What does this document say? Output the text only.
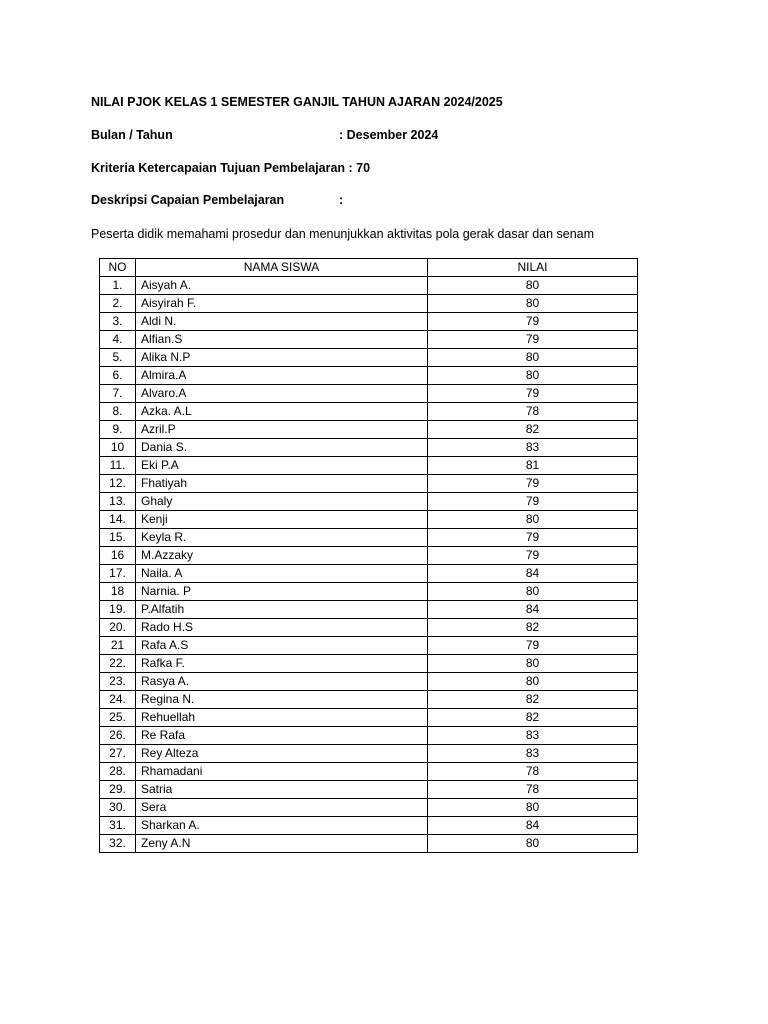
NILAI PJOK KELAS 1 SEMESTER GANJIL TAHUN AJARAN 2024/2025
Bulan / Tahun	: Desember 2024
Kriteria Ketercapaian Tujuan Pembelajaran : 70
Deskripsi Capaian Pembelajaran	:
Peserta didik memahami prosedur dan menunjukkan aktivitas pola gerak dasar dan senam
NO	NAMA SISWA	NILAI
1.	Aisyah A.	80
2.	Aisyirah F.	80
3.	Aldi N.	79
4.	Alfian.S	79
5.	Alika N.P	80
6.	Almira.A	80
7.	Alvaro.A	79
8.	Azka. A.L	78
9.	Azril.P	82
10	Dania S.	83
11.	Eki P.A	81
12.	Fhatiyah	79
13.	Ghaly	79
14.	Kenji	80
15.	Keyla R.	79
16	M.Azzaky	79
17.	Naila. A	84
18	Narnia. P	80
19.	P.Alfatih	84
20.	Rado H.S	82
21	Rafa A.S	79
22.	Rafka F.	80
23.	Rasya A.	80
24.	Regina N.	82
25.	Rehuellah	82
26.	Re Rafa	83
27.	Rey Alteza	83
28.	Rhamadani	78
29.	Satria	78
30.	Sera	80
31.	Sharkan A.	84
32.	Zeny A.N	80
